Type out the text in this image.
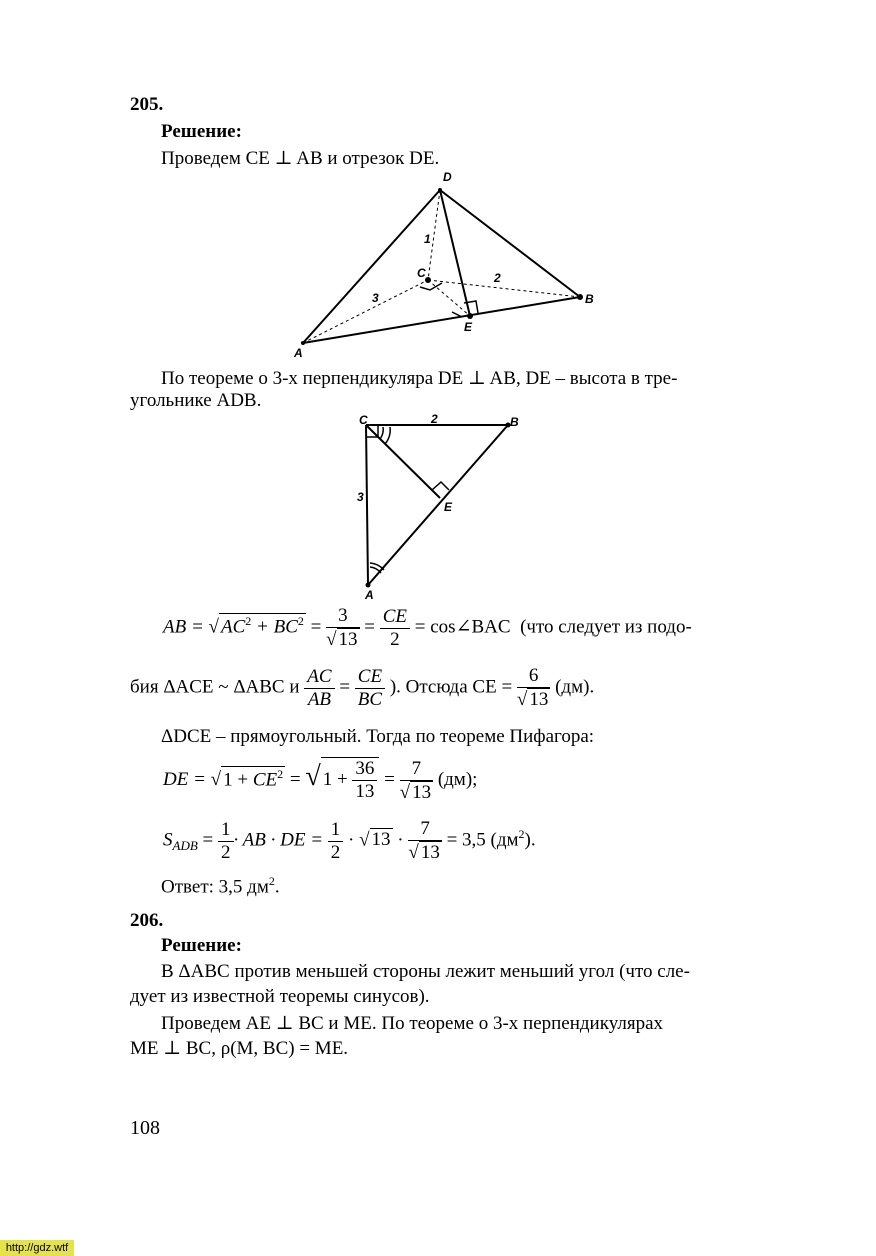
205.
Решение:
Проведем CE ⊥ AB и отрезок DE.
D
A
B
C
E
1
2
3
По теореме о 3-х перпендикуляра DE ⊥ AB, DE – высота в тре-
угольнике ADB.
C	B
A
E
2
3
AB = √ $AC^2 + BC^2 = \frac{3}{√ 13} = \frac{CE}{2}$ = cos∠BAC (что следует из подо-
бия ΔACE ~ ΔABC и $\frac{AC}{AB} = \frac{CE}{BC}$ ). Отсюда CE = $\frac{6}{√ 13} (дм)$.
ΔDCE – прямоугольный. Тогда по теореме Пифагора:
DE = √ $1 + CE^2$ = √ $1 + \frac{36}{13} = \frac{7}{√ 13} (дм)$;
$S_{ADB} = \frac{1}{2}$ · AB · DE = $\frac{1}{2}$ · √ $13 \cdot \frac{7}{√ 13} = 3,5$ $(дм^2)$.
Ответ: 3,5 $дм^2$.
206.
Решение:
В ΔABC против меньшей стороны лежит меньший угол (что сле-
дует из известной теоремы синусов).
Проведем AE ⊥ BC и ME. По теореме о 3-х перпендикулярах
ME ⊥ BC, ρ(M, BC) = ME.
108
http://gdz.wtf
